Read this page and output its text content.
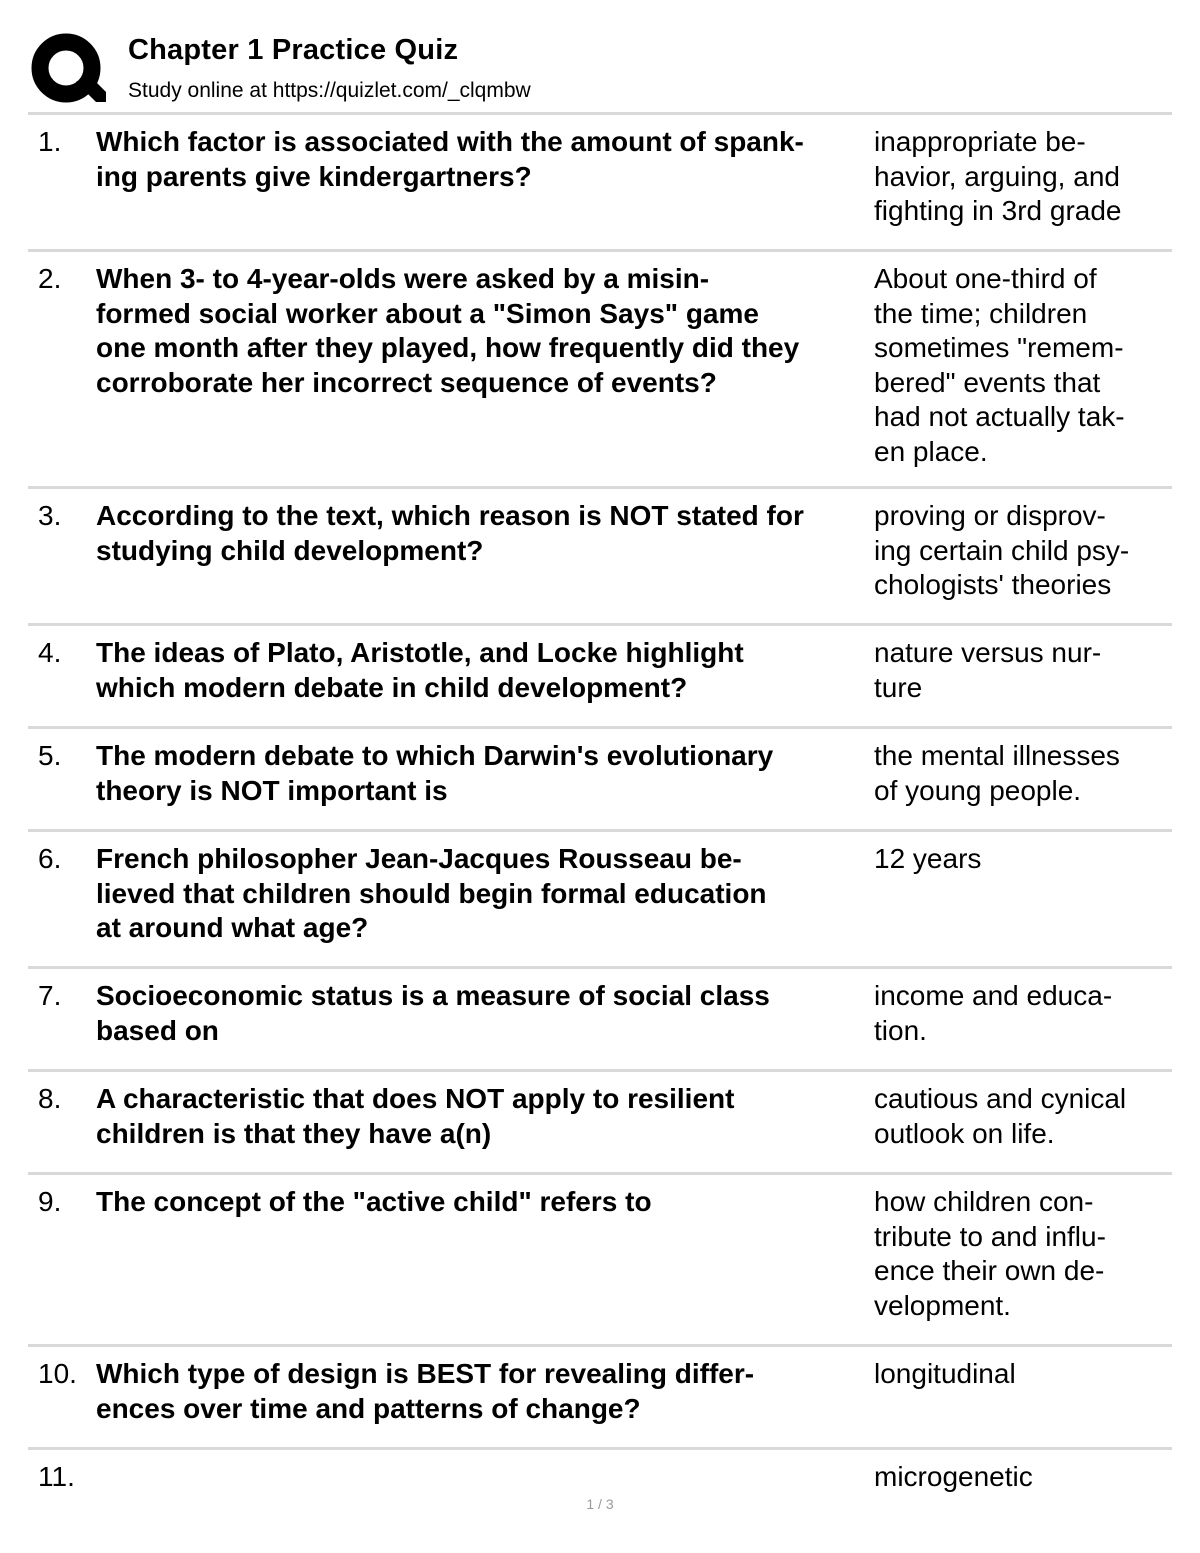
Chapter 1 Practice Quiz
Study online at https://quizlet.com/_clqmbw
1. Which factor is associated with the amount of spank-
ing parents give kindergartners?
inappropriate be-
havior, arguing, and
fighting in 3rd grade
2. When 3- to 4-year-olds were asked by a misin-
formed social worker about a "Simon Says" game
one month after they played, how frequently did they
corroborate her incorrect sequence of events?
About one-third of
the time; children
sometimes "remem-
bered" events that
had not actually tak-
en place.
3. According to the text, which reason is NOT stated for
studying child development?
proving or disprov-
ing certain child psy-
chologists' theories
4. The ideas of Plato, Aristotle, and Locke highlight
which modern debate in child development?
nature versus nur-
ture
5. The modern debate to which Darwin's evolutionary
theory is NOT important is
the mental illnesses
of young people.
6. French philosopher Jean-Jacques Rousseau be-
lieved that children should begin formal education
at around what age?
12 years
7. Socioeconomic status is a measure of social class
based on
income and educa-
tion.
8. A characteristic that does NOT apply to resilient
children is that they have a(n)
cautious and cynical
outlook on life.
9. The concept of the "active child" refers to	how children con-
tribute to and influ-
ence their own de-
velopment.
10. Which type of design is BEST for revealing differ-
ences over time and patterns of change?
longitudinal
11.	microgenetic
1 / 3
